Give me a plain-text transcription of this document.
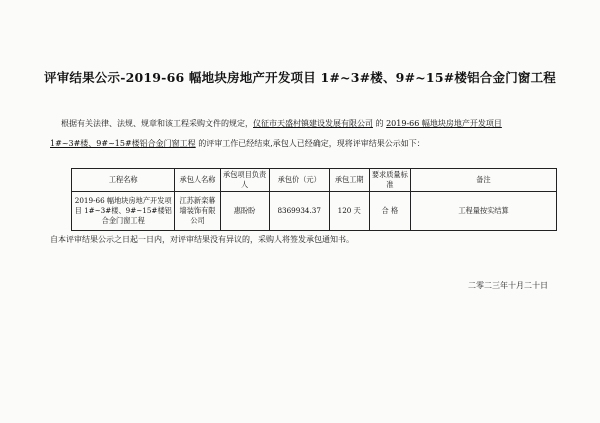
评审结果公示-2019-66 幅地块房地产开发项目 1#~3#楼、9#~15#楼铝合金门窗工程
根据有关法律、法规、规章和该工程采购文件的规定，仪征市天盛村镇建设发展有限公司 的 2019-66 幅地块房地产开发项目
1#~3#楼、9#~15#楼铝合金门窗工程 的评审工作已经结束,承包人已经确定，现将评审结果公示如下：
工程名称	承包人名称	承包项目负责人	承包价（元）	承包工期	要求质量标准	备注
2019-66 幅地块房地产开发项目 1#~3#楼、9#~15#楼铝合金门窗工程	江苏新栾幕墙装饰有限公司	惠盼盼	8369934.37	120 天	合 格	工程量按实结算
自本评审结果公示之日起一日内，对评审结果没有异议的，采购人将签发承包通知书。
二零二三年十月二十日
